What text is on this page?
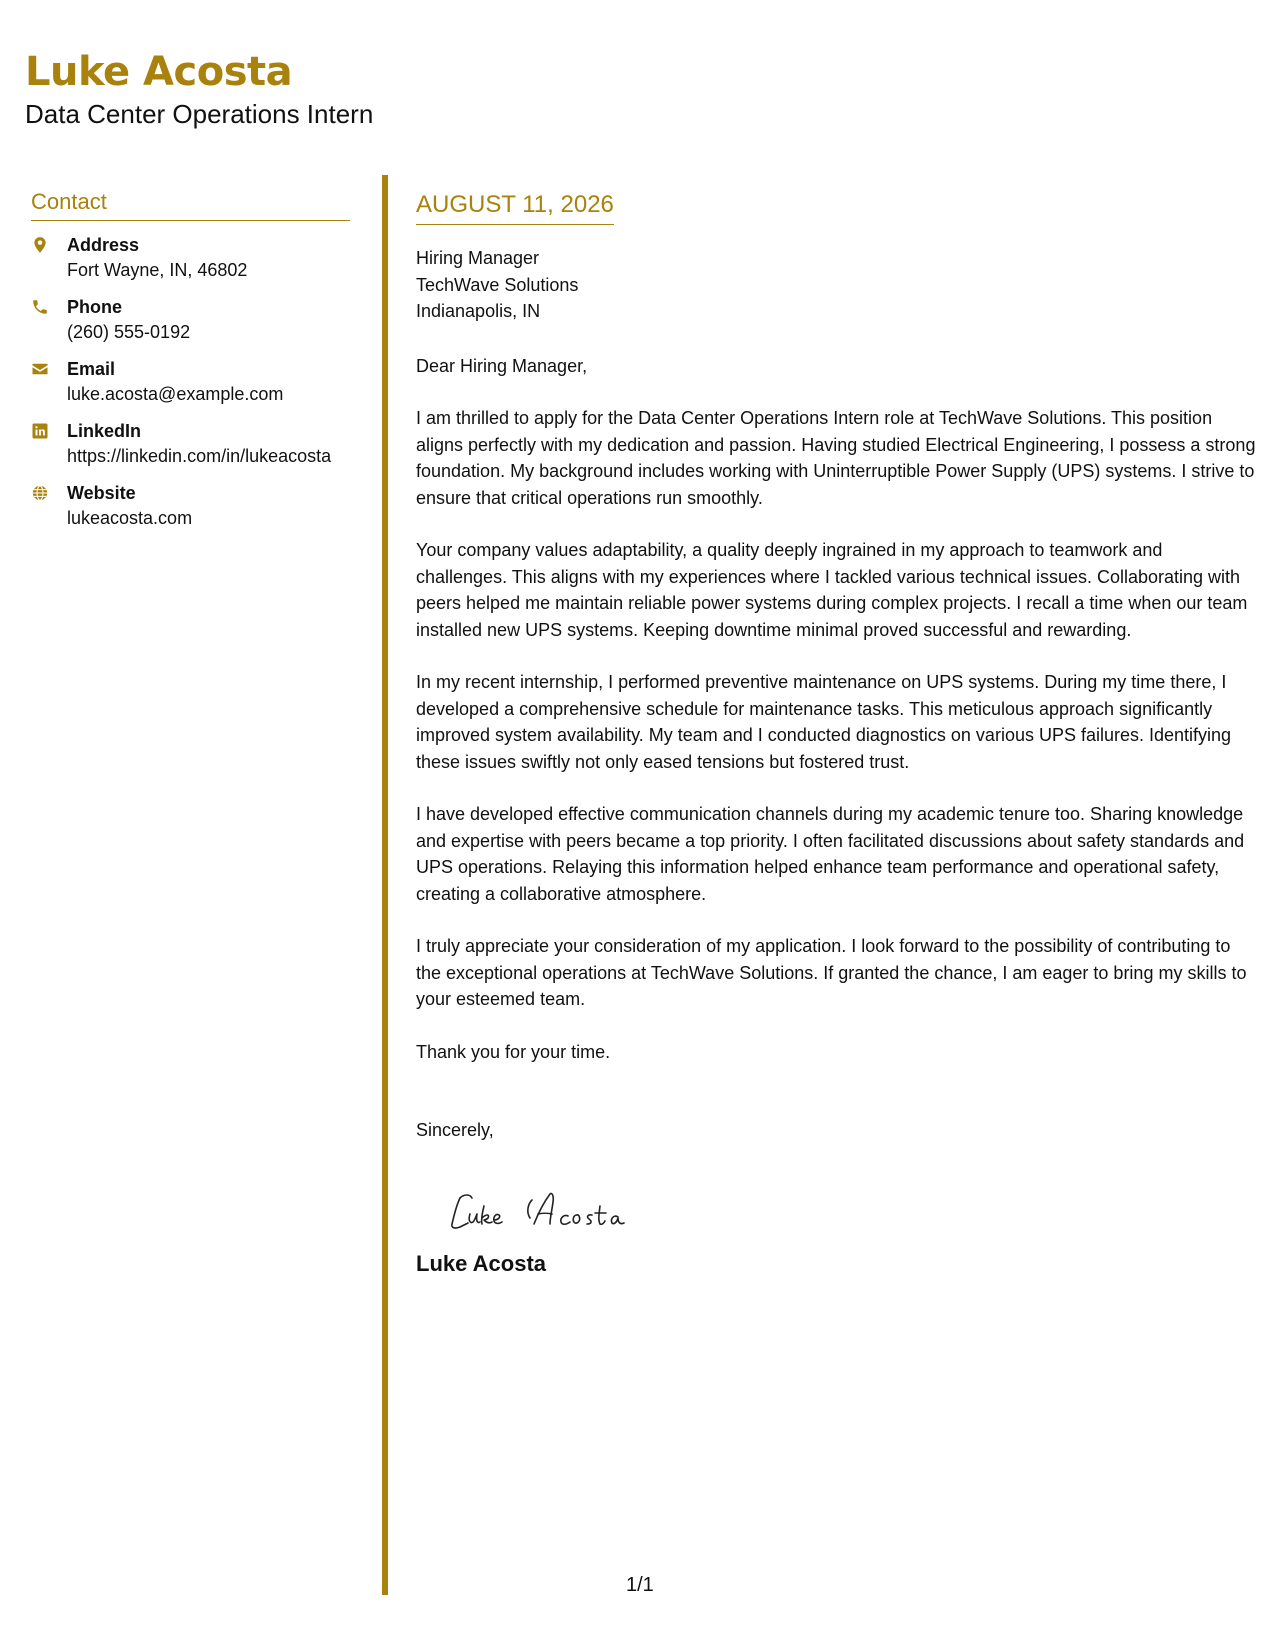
Luke Acosta
Data Center Operations Intern
Contact
Address
Fort Wayne, IN, 46802
Phone
(260) 555-0192
Email
luke.acosta@example.com
LinkedIn
https://linkedin.com/in/lukeacosta
Website
lukeacosta.com
AUGUST 11, 2026
Hiring Manager
TechWave Solutions
Indianapolis, IN
Dear Hiring Manager,
I am thrilled to apply for the Data Center Operations Intern role at TechWave Solutions. This position aligns perfectly with my dedication and passion. Having studied Electrical Engineering, I possess a strong foundation. My background includes working with Uninterruptible Power Supply (UPS) systems. I strive to ensure that critical operations run smoothly.
Your company values adaptability, a quality deeply ingrained in my approach to teamwork and challenges. This aligns with my experiences where I tackled various technical issues. Collaborating with peers helped me maintain reliable power systems during complex projects. I recall a time when our team installed new UPS systems. Keeping downtime minimal proved successful and rewarding.
In my recent internship, I performed preventive maintenance on UPS systems. During my time there, I developed a comprehensive schedule for maintenance tasks. This meticulous approach significantly improved system availability. My team and I conducted diagnostics on various UPS failures. Identifying these issues swiftly not only eased tensions but fostered trust.
I have developed effective communication channels during my academic tenure too. Sharing knowledge and expertise with peers became a top priority. I often facilitated discussions about safety standards and UPS operations. Relaying this information helped enhance team performance and operational safety, creating a collaborative atmosphere.
I truly appreciate your consideration of my application. I look forward to the possibility of contributing to the exceptional operations at TechWave Solutions. If granted the chance, I am eager to bring my skills to your esteemed team.
Thank you for your time.
Sincerely,
Luke Acosta
1/1
